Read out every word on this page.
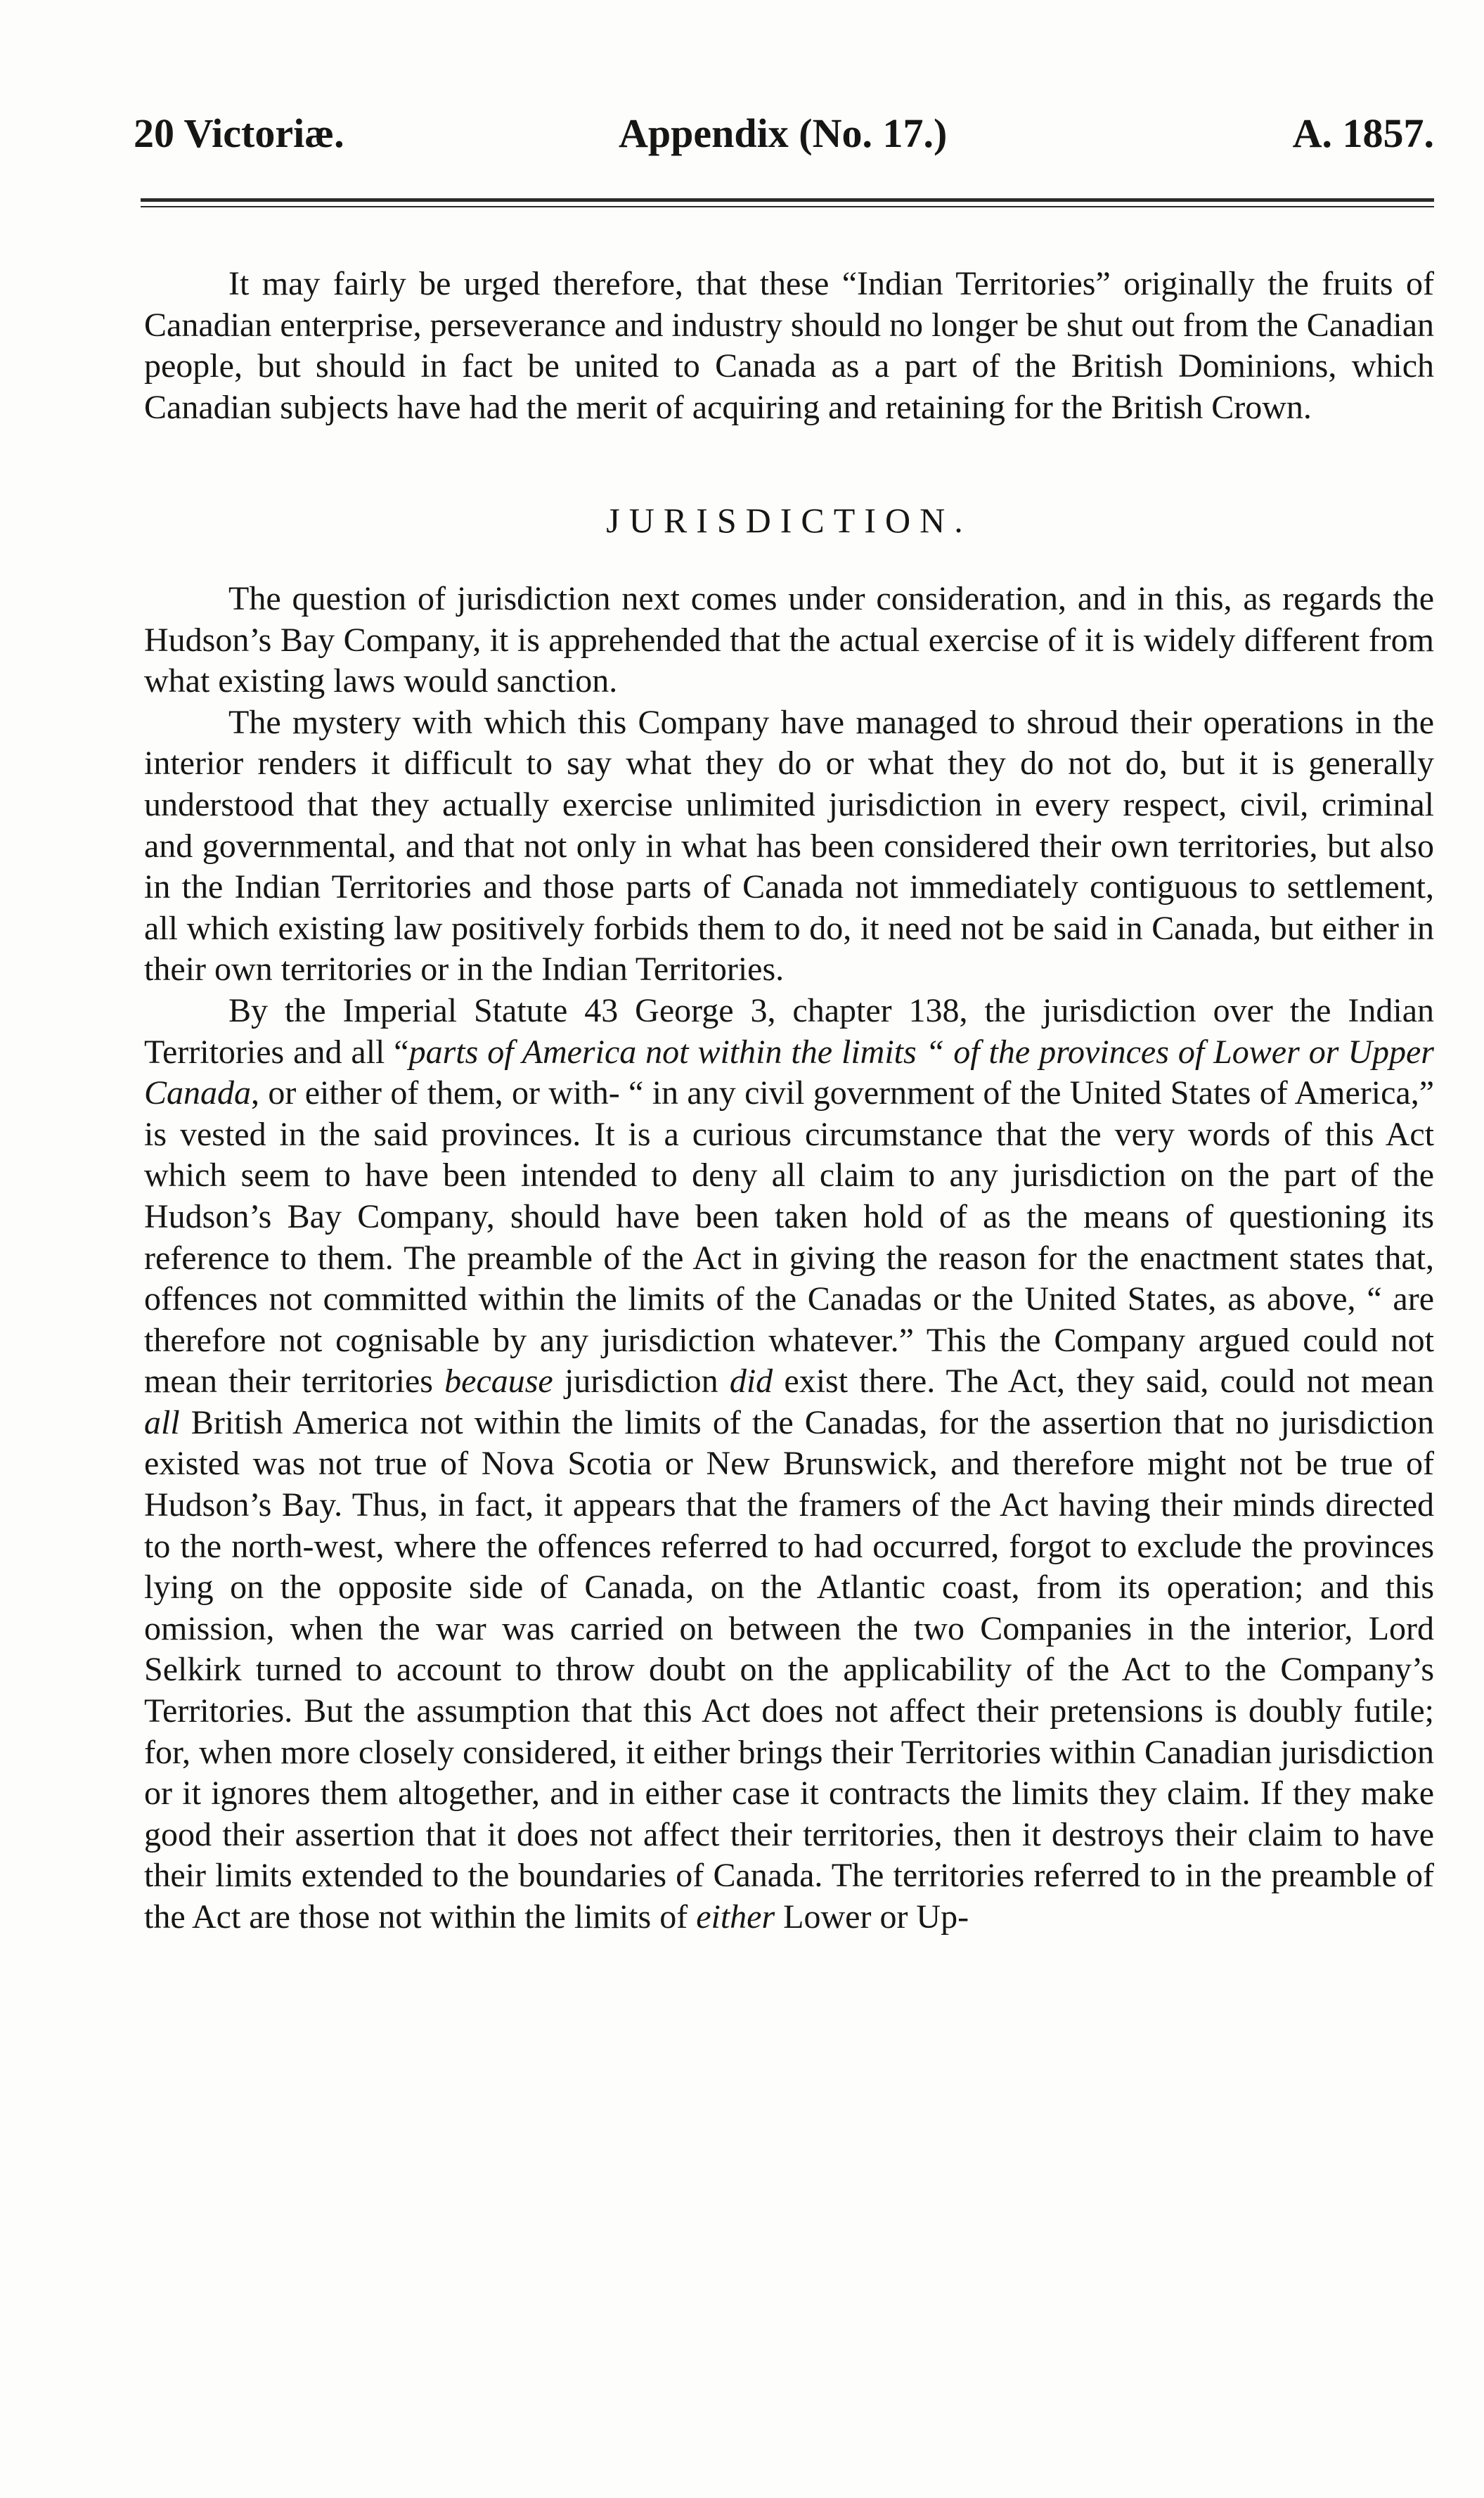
20 Victoriæ.	Appendix (No. 17.)	A. 1857.

It may fairly be urged therefore, that these “Indian Territories” originally the fruits of Canadian enterprise, perseverance and industry should no longer be shut out from the Canadian people, but should in fact be united to Canada as a part of the British Dominions, which Canadian subjects have had the merit of acquiring and retaining for the British Crown.

JURISDICTION.

The question of jurisdiction next comes under consideration, and in this, as regards the Hudson’s Bay Company, it is apprehended that the actual exercise of it is widely different from what existing laws would sanction.

The mystery with which this Company have managed to shroud their operations in the interior renders it difficult to say what they do or what they do not do, but it is generally understood that they actually exercise unlimited jurisdiction in every respect, civil, criminal and governmental, and that not only in what has been considered their own territories, but also in the Indian Territories and those parts of Canada not immediately contiguous to settlement, all which existing law positively forbids them to do, it need not be said in Canada, but either in their own territories or in the Indian Territories.

By the Imperial Statute 43 George 3, chapter 138, the jurisdiction over the Indian Territories and all “parts of America not within the limits “ of the provinces of Lower or Upper Canada, or either of them, or with- “ in any civil government of the United States of America,” is vested in the said provinces. It is a curious circumstance that the very words of this Act which seem to have been intended to deny all claim to any jurisdiction on the part of the Hudson’s Bay Company, should have been taken hold of as the means of questioning its reference to them. The preamble of the Act in giving the reason for the enactment states that, offences not committed within the limits of the Canadas or the United States, as above, “ are therefore not cognisable by any jurisdiction whatever.” This the Company argued could not mean their territories because jurisdiction did exist there. The Act, they said, could not mean all British America not within the limits of the Canadas, for the assertion that no jurisdiction existed was not true of Nova Scotia or New Brunswick, and therefore might not be true of Hudson’s Bay. Thus, in fact, it appears that the framers of the Act having their minds directed to the north-west, where the offences referred to had occurred, forgot to exclude the provinces lying on the opposite side of Canada, on the Atlantic coast, from its operation; and this omission, when the war was carried on between the two Companies in the interior, Lord Selkirk turned to account to throw doubt on the applicability of the Act to the Company’s Territories. But the assumption that this Act does not affect their pretensions is doubly futile; for, when more closely considered, it either brings their Territories within Canadian jurisdiction or it ignores them altogether, and in either case it contracts the limits they claim. If they make good their assertion that it does not affect their territories, then it destroys their claim to have their limits extended to the boundaries of Canada. The territories referred to in the preamble of the Act are those not within the limits of either Lower or Up-
